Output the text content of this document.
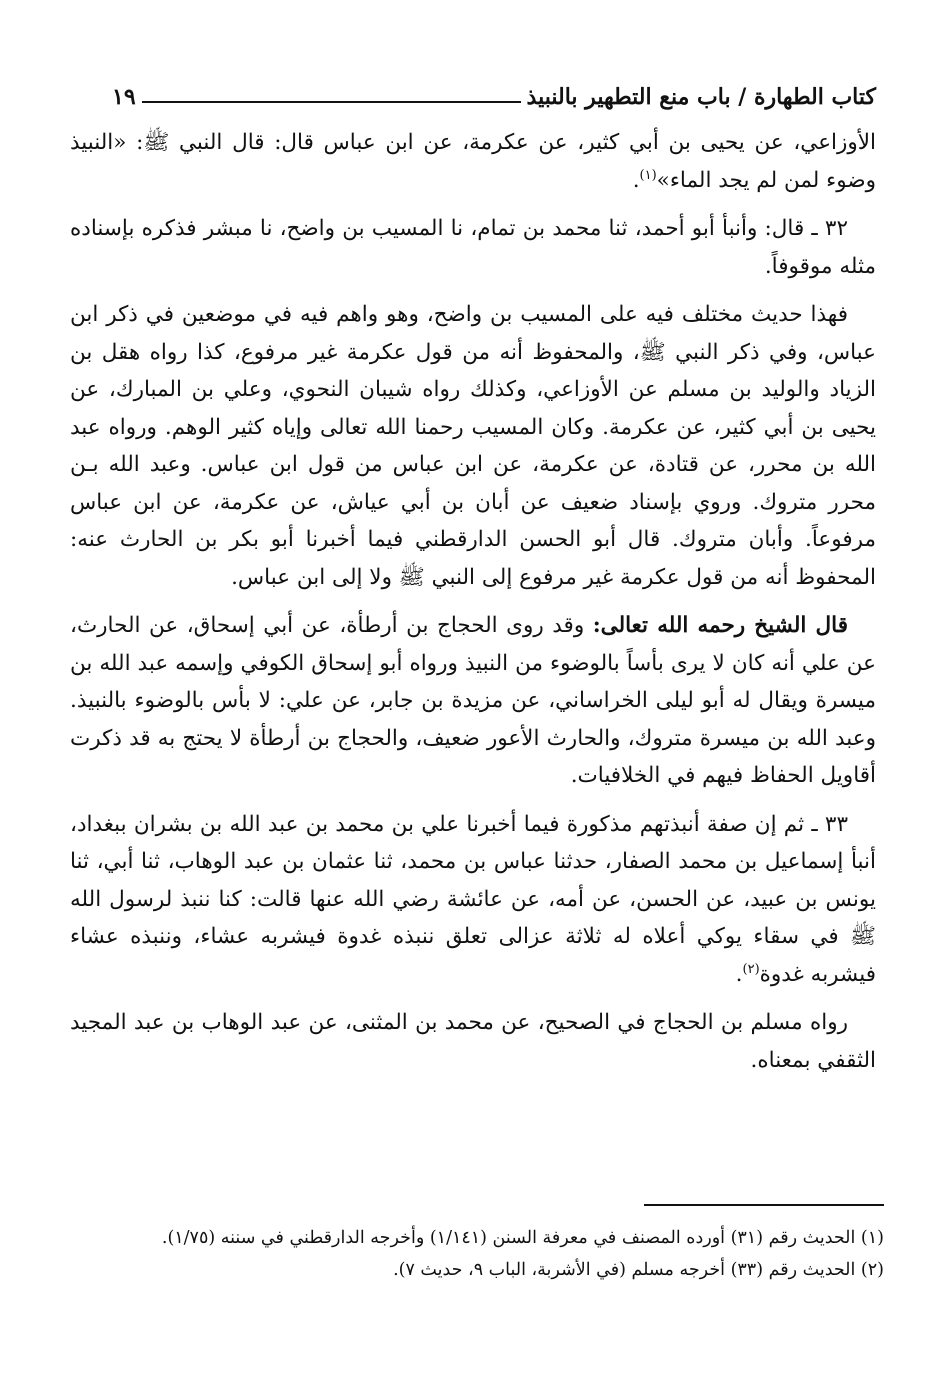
كتاب الطهارة / باب منع التطهير بالنبيذ
١٩

الأوزاعي، عن يحيى بن أبي كثير، عن عكرمة، عن ابن عباس قال: قال النبي ﷺ: «النبيذ وضوء لمن لم يجد الماء»$^{(١)}$.

٣٢ ـ قال: وأنبأ أبو أحمد، ثنا محمد بن تمام، نا المسيب بن واضح، نا مبشر فذكره بإسناده مثله موقوفاً.

فهذا حديث مختلف فيه على المسيب بن واضح، وهو واهم فيه في موضعين في ذكر ابن عباس، وفي ذكر النبي ﷺ، والمحفوظ أنه من قول عكرمة غير مرفوع، كذا رواه هقل بن الزياد والوليد بن مسلم عن الأوزاعي، وكذلك رواه شيبان النحوي، وعلي بن المبارك، عن يحيى بن أبي كثير، عن عكرمة. وكان المسيب رحمنا الله تعالى وإياه كثير الوهم. ورواه عبد الله بن محرر، عن قتادة، عن عكرمة، عن ابن عباس من قول ابن عباس. وعبد الله بـن محرر متروك. وروي بإسناد ضعيف عن أبان بن أبي عياش، عن عكرمة، عن ابن عباس مرفوعاً. وأبان متروك. قال أبو الحسن الدارقطني فيما أخبرنا أبو بكر بن الحارث عنه: المحفوظ أنه من قول عكرمة غير مرفوع إلى النبي ﷺ ولا إلى ابن عباس.

قال الشيخ رحمه الله تعالى: وقد روى الحجاج بن أرطأة، عن أبي إسحاق، عن الحارث، عن علي أنه كان لا يرى بأساً بالوضوء من النبيذ ورواه أبو إسحاق الكوفي وإسمه عبد الله بن ميسرة ويقال له أبو ليلى الخراساني، عن مزيدة بن جابر، عن علي: لا بأس بالوضوء بالنبيذ. وعبد الله بن ميسرة متروك، والحارث الأعور ضعيف، والحجاج بن أرطأة لا يحتج به قد ذكرت أقاويل الحفاظ فيهم في الخلافيات.

٣٣ ـ ثم إن صفة أنبذتهم مذكورة فيما أخبرنا علي بن محمد بن عبد الله بن بشران ببغداد، أنبأ إسماعيل بن محمد الصفار، حدثنا عباس بن محمد، ثنا عثمان بن عبد الوهاب، ثنا أبي، ثنا يونس بن عبيد، عن الحسن، عن أمه، عن عائشة رضي الله عنها قالت: كنا ننبذ لرسول الله ﷺ في سقاء يوكي أعلاه له ثلاثة عزالى تعلق ننبذه غدوة فيشربه عشاء، وننبذه عشاء فيشربه غدوة$^{(٢)}$.

رواه مسلم بن الحجاج في الصحيح، عن محمد بن المثنى، عن عبد الوهاب بن عبد المجيد الثقفي بمعناه.

(١) الحديث رقم (٣١) أورده المصنف في معرفة السنن (١/١٤١) وأخرجه الدارقطني في سننه (١/٧٥).
(٢) الحديث رقم (٣٣) أخرجه مسلم (في الأشربة، الباب ٩، حديث ٧).
